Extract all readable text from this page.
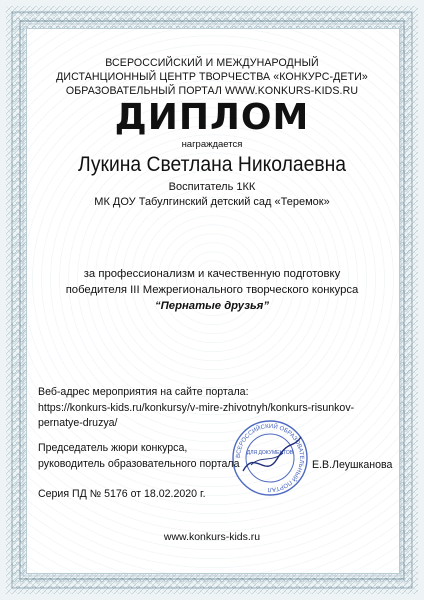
ВСЕРОССИЙСКИЙ И МЕЖДУНАРОДНЫЙ
ДИСТАНЦИОННЫЙ ЦЕНТР ТВОРЧЕСТВА «КОНКУРС-ДЕТИ»
ОБРАЗОВАТЕЛЬНЫЙ ПОРТАЛ WWW.KONKURS-KIDS.RU
ДИПЛОМ
награждается
Лукина Светлана Николаевна
Воспитатель 1КК
МК ДОУ Табулгинский детский сад «Теремок»
за профессионализм и качественную подготовку
победителя III Межрегионального творческого конкурса
“Пернатые друзья”
Веб-адрес мероприятия на сайте портала:
https://konkurs-kids.ru/konkursy/v-mire-zhivotnyh/konkurs-risunkov-
pernatye-druzya/
Председатель жюри конкурса,
руководитель образовательного портала
ВСЕРОССИЙСКИЙ ОБРАЗОВАТЕЛЬНЫЙ ПОРТАЛ
ДЛЯ ДОКУМЕНТОВ
Е.В.Леушканова
Серия ПД № 5176 от 18.02.2020 г.
www.konkurs-kids.ru
